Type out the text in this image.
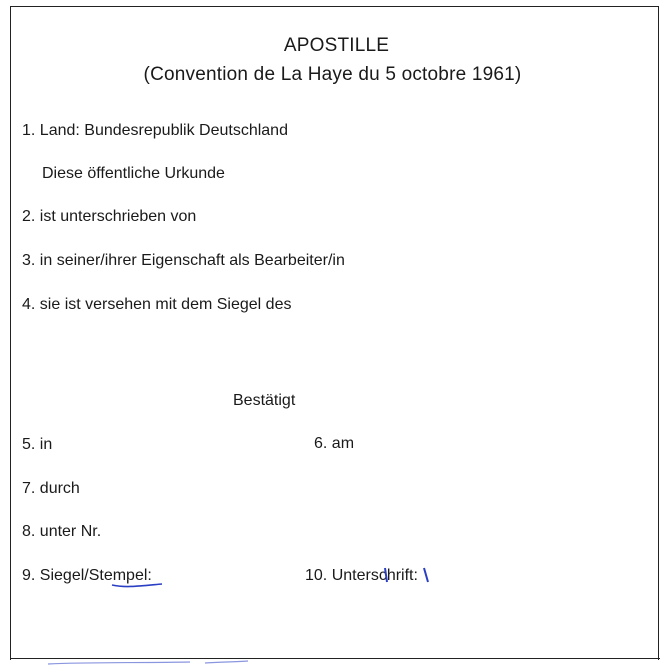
APOSTILLE
(Convention de La Haye du 5 octobre 1961)
1. Land: Bundesrepublik Deutschland
Diese öffentliche Urkunde
2. ist unterschrieben von
3. in seiner/ihrer Eigenschaft als Bearbeiter/in
4. sie ist versehen mit dem Siegel des
Bestätigt
5. in	6. am
7. durch
8. unter Nr.
9. Siegel/Stempel:	10. Unterschrift:
